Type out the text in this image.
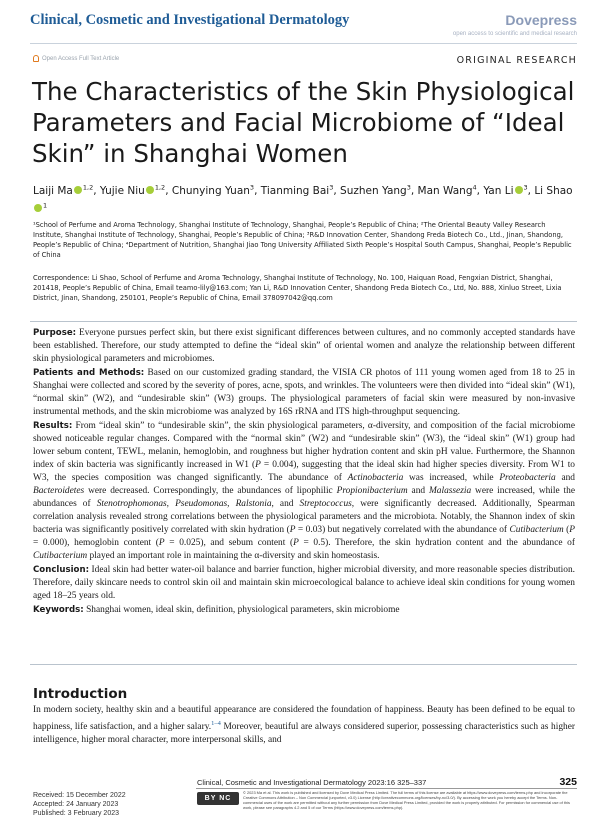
Clinical, Cosmetic and Investigational Dermatology	Dovepress
open access to scientific and medical research
Open Access Full Text Article	ORIGINAL RESEARCH
The Characteristics of the Skin Physiological Parameters and Facial Microbiome of “Ideal Skin” in Shanghai Women
Laiji Ma $^{1,2}$, Yujie Niu $^{1,2}$, Chunying Yuan$^3$, Tianming Bai$^3$, Suzhen Yang$^3$, Man Wang$^4$, Yan Li $^3$, Li Shao$^1$
¹School of Perfume and Aroma Technology, Shanghai Institute of Technology, Shanghai, People’s Republic of China; ²The Oriental Beauty Valley Research Institute, Shanghai Institute of Technology, Shanghai, People’s Republic of China; ³R&D Innovation Center, Shandong Freda Biotech Co., Ltd., Jinan, Shandong, People’s Republic of China; ⁴Department of Nutrition, Shanghai Jiao Tong University Affiliated Sixth People’s Hospital South Campus, Shanghai, People’s Republic of China
Correspondence: Li Shao, School of Perfume and Aroma Technology, Shanghai Institute of Technology, No. 100, Haiquan Road, Fengxian District, Shanghai, 201418, People’s Republic of China, Email teamo-lily@163.com; Yan Li, R&D Innovation Center, Shandong Freda Biotech Co., Ltd, No. 888, Xinluo Street, Lixia District, Jinan, Shandong, 250101, People’s Republic of China, Email 378097042@qq.com

Purpose: Everyone pursues perfect skin, but there exist significant differences between cultures, and no commonly accepted standards have been established. Therefore, our study attempted to define the “ideal skin” of oriental women and analyze the relationship between different skin physiological parameters and microbiomes.

Patients and Methods: Based on our customized grading standard, the VISIA CR photos of 111 young women aged from 18 to 25 in Shanghai were collected and scored by the severity of pores, acne, spots, and wrinkles. The volunteers were then divided into “ideal skin” (W1), “normal skin” (W2), and “undesirable skin” (W3) groups. The physiological parameters of facial skin were measured by non-invasive instrumental methods, and the skin microbiome was analyzed by 16S rRNA and ITS high-throughput sequencing.

Results: From “ideal skin” to “undesirable skin”, the skin physiological parameters, α-diversity, and composition of the facial microbiome showed noticeable regular changes. Compared with the “normal skin” (W2) and “undesirable skin” (W3), the “ideal skin” (W1) group had lower sebum content, TEWL, melanin, hemoglobin, and roughness but higher hydration content and skin pH value. Furthermore, the Shannon index of skin bacteria was significantly increased in W1 (P = 0.004), suggesting that the ideal skin had higher species diversity. From W1 to W3, the species composition was changed significantly. The abundance of Actinobacteria was increased, while Proteobacteria and Bacteroidetes were decreased. Correspondingly, the abundances of lipophilic Propionibacterium and Malassezia were increased, while the abundances of Stenotrophomonas, Pseudomonas, Ralstonia, and Streptococcus, were significantly decreased. Additionally, Spearman correlation analysis revealed strong correlations between the physiological parameters and the microbiota. Notably, the Shannon index of skin bacteria was significantly positively correlated with skin hydration (P = 0.03) but negatively correlated with the abundance of Cutibacterium (P = 0.000), hemoglobin content (P = 0.025), and sebum content (P = 0.5). Therefore, the skin hydration content and the abundance of Cutibacterium played an important role in maintaining the α-diversity and skin homeostasis.

Conclusion: Ideal skin had better water-oil balance and barrier function, higher microbial diversity, and more reasonable species distribution. Therefore, daily skincare needs to control skin oil and maintain skin microecological balance to achieve ideal skin conditions for young women aged 18–25 years old.

Keywords: Shanghai women, ideal skin, definition, physiological parameters, skin microbiome

Introduction
In modern society, healthy skin and a beautiful appearance are considered the foundation of happiness. Beauty has been defined to be equal to happiness, life satisfaction, and a higher salary.$^{1-4}$ Moreover, beautiful are always considered superior, possessing characteristics such as higher intelligence, higher moral character, more interpersonal skills, and
Received: 15 December 2022
Accepted: 24 January 2023
Published: 3 February 2023
Clinical, Cosmetic and Investigational Dermatology 2023:16 325–337	325
BY NC
© 2023 Ma et al. This work is published and licensed by Dove Medical Press Limited. The full terms of this license are available at https://www.dovepress.com/terms.php and incorporate the Creative Commons Attribution – Non Commercial (unported, v3.0) License (http://creativecommons.org/licenses/by-nc/3.0/). By accessing the work you hereby accept the Terms. Non-commercial uses of the work are permitted without any further permission from Dove Medical Press Limited, provided the work is properly attributed. For permission for commercial use of this work, please see paragraphs 4.2 and 5 of our Terms (https://www.dovepress.com/terms.php).
